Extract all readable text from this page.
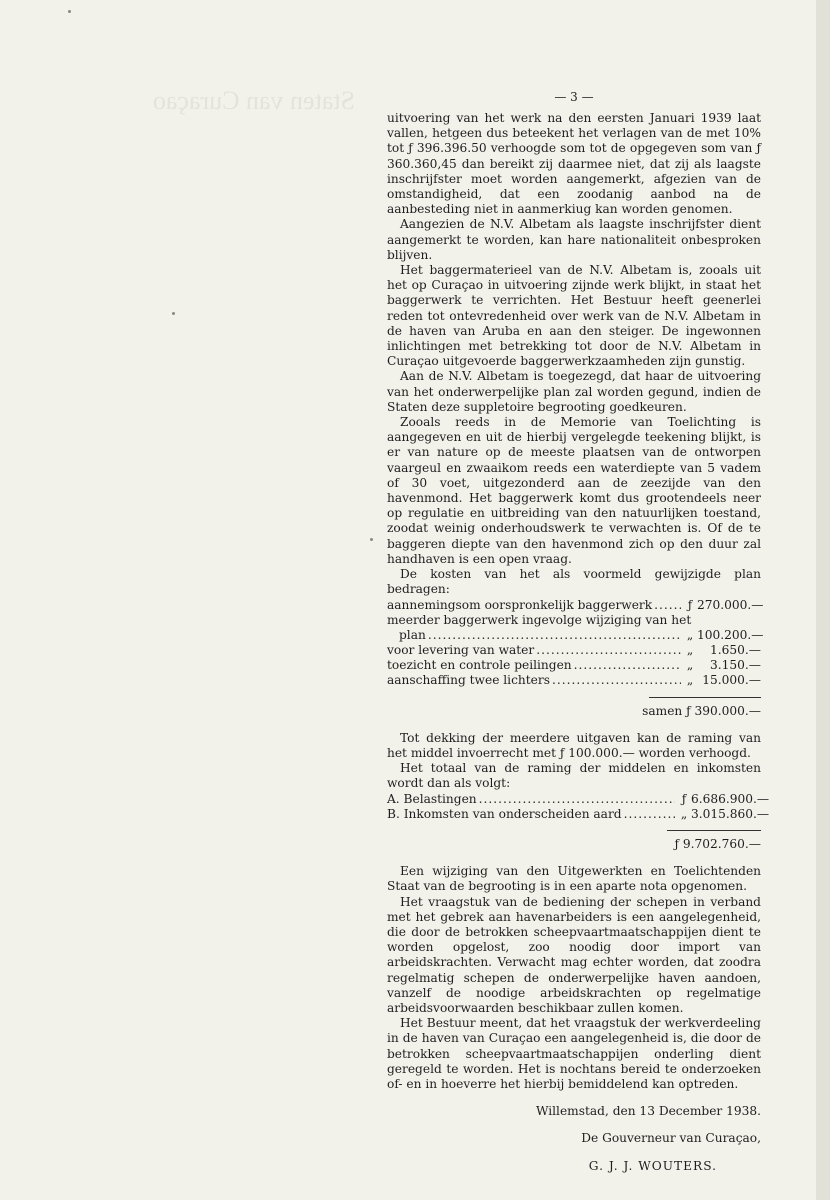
Staten van Curaçao	— 3 —

uitvoering van het werk na den eersten Januari 1939 laat vallen, hetgeen dus beteekent het verlagen van de met 10% tot ƒ 396.396.50 verhoogde som tot de opgegeven som van ƒ 360.360,45 dan bereikt zij daarmee niet, dat zij als laagste inschrijfster moet worden aangemerkt, afgezien van de omstandigheid, dat een zoodanig aanbod na de aanbesteding niet in aanmerkiug kan worden genomen.

Aangezien de N.V. Albetam als laagste inschrijfster dient aangemerkt te worden, kan hare nationaliteit onbesproken blijven.

Het baggermaterieel van de N.V. Albetam is, zooals uit het op Curaçao in uitvoering zijnde werk blijkt, in staat het baggerwerk te verrichten. Het Bestuur heeft geenerlei reden tot ontevredenheid over werk van de N.V. Albetam in de haven van Aruba en aan den steiger. De ingewonnen inlichtingen met betrekking tot door de N.V. Albetam in Curaçao uitgevoerde baggerwerkzaamheden zijn gunstig.

Aan de N.V. Albetam is toegezegd, dat haar de uitvoering van het onderwerpelijke plan zal worden gegund, indien de Staten deze suppletoire begrooting goedkeuren.

Zooals reeds in de Memorie van Toelichting is aangegeven en uit de hierbij vergelegde teekening blijkt, is er van nature op de meeste plaatsen van de ontworpen vaargeul en zwaaikom reeds een waterdiepte van 5 vadem of 30 voet, uitgezonderd aan de zeezijde van den havenmond. Het baggerwerk komt dus grootendeels neer op regulatie en uitbreiding van den natuurlijken toestand, zoodat weinig onderhoudswerk te verwachten is. Of de te baggeren diepte van den havenmond zich op den duur zal handhaven is een open vraag.

De kosten van het als voormeld gewijzigde plan bedragen:

aannemingsom oorspronkelijk baggerwerk .....	ƒ 270.000.—
meerder baggerwerk ingevolge wijziging van het
plan .....	„ 100.200.—
voor levering van water .....	„	1.650.—
toezicht en controle peilingen .....	„	3.150.—
aanschaffing twee lichters .....	„ 15.000.—
samen ƒ 390.000.—

Tot dekking der meerdere uitgaven kan de raming van het middel invoerrecht met ƒ 100.000.— worden verhoogd.

Het totaal van de raming der middelen en inkomsten wordt dan als volgt:

A. Belastingen .....	ƒ 6.686.900.—
B. Inkomsten van onderscheiden aard .....	„ 3.015.860.—
ƒ 9.702.760.—

Een wijziging van den Uitgewerkten en Toelichtenden Staat van de begrooting is in een aparte nota opgenomen.

Het vraagstuk van de bediening der schepen in verband met het gebrek aan havenarbeiders is een aangelegenheid, die door de betrokken scheepvaartmaatschappijen dient te worden opgelost, zoo noodig door import van arbeidskrachten. Verwacht mag echter worden, dat zoodra regelmatig schepen de onderwerpelijke haven aandoen, vanzelf de noodige arbeidskrachten op regelmatige arbeidsvoorwaarden beschikbaar zullen komen.

Het Bestuur meent, dat het vraagstuk der werkverdeeling in de haven van Curaçao een aangelegenheid is, die door de betrokken scheepvaartmaatschappijen onderling dient geregeld te worden. Het is nochtans bereid te onderzoeken of- en in hoeverre het hierbij bemiddelend kan optreden.

Willemstad, den 13 December 1938.

De Gouverneur van Curaçao,

G. J. J. WOUTERS.
